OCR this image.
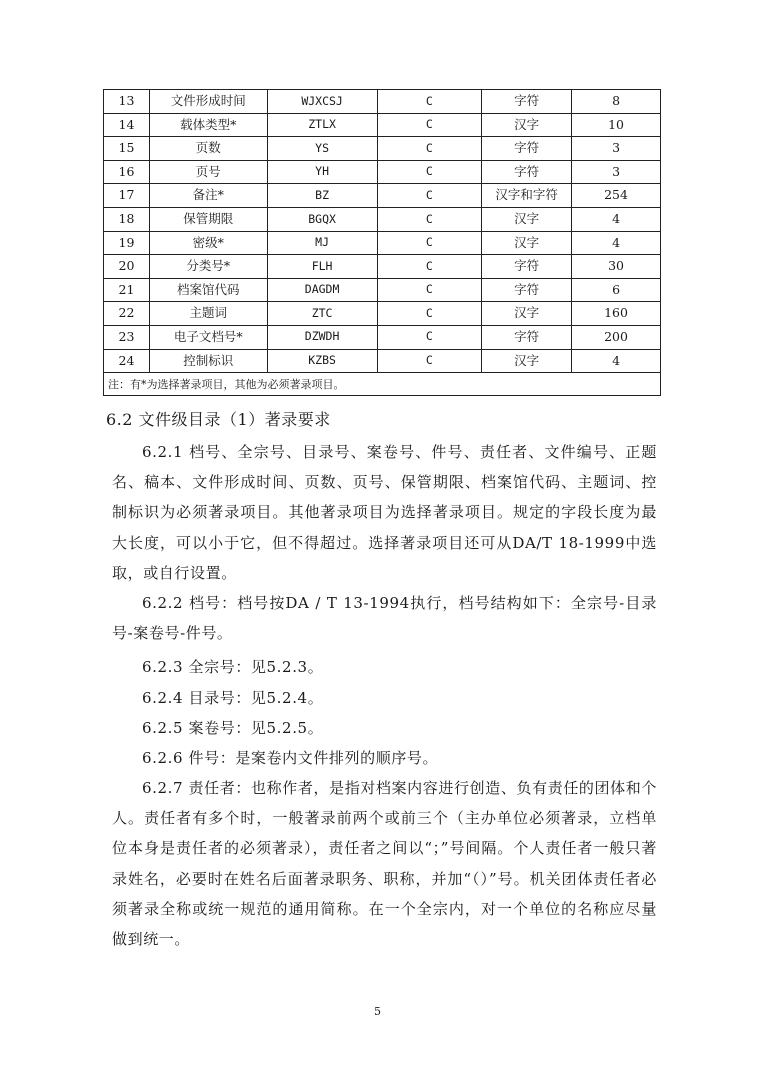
13	文件形成时间	WJXCSJ	C	字符	8
14	载体类型*	ZTLX	C	汉字	10
15	页数	YS	C	字符	3
16	页号	YH	C	字符	3
17	备注*	BZ	C	汉字和字符	254
18	保管期限	BGQX	C	汉字	4
19	密级*	MJ	C	汉字	4
20	分类号*	FLH	C	字符	30
21	档案馆代码	DAGDM	C	字符	6
22	主题词	ZTC	C	汉字	160
23	电子文档号*	DZWDH	C	字符	200
24	控制标识	KZBS	C	汉字	4
注：有*为选择著录项目，其他为必须著录项目。					
6.2 文件级目录（1）著录要求

6.2.1 档号、全宗号、目录号、案卷号、件号、责任者、文件编号、正题名、稿本、文件形成时间、页数、页号、保管期限、档案馆代码、主题词、控制标识为必须著录项目。其他著录项目为选择著录项目。规定的字段长度为最大长度，可以小于它，但不得超过。选择著录项目还可从DA/T 18-1999中选取，或自行设置。

6.2.2 档号：档号按DA / T 13-1994执行，档号结构如下：全宗号-目录号-案卷号-件号。

6.2.3 全宗号：见5.2.3。

6.2.4 目录号：见5.2.4。

6.2.5 案卷号：见5.2.5。

6.2.6 件号：是案卷内文件排列的顺序号。

6.2.7 责任者：也称作者，是指对档案内容进行创造、负有责任的团体和个人。责任者有多个时，一般著录前两个或前三个（主办单位必须著录，立档单位本身是责任者的必须著录），责任者之间以“；”号间隔。个人责任者一般只著录姓名，必要时在姓名后面著录职务、职称，并加“（）”号。机关团体责任者必须著录全称或统一规范的通用简称。在一个全宗内，对一个单位的名称应尽量做到统一。

5
